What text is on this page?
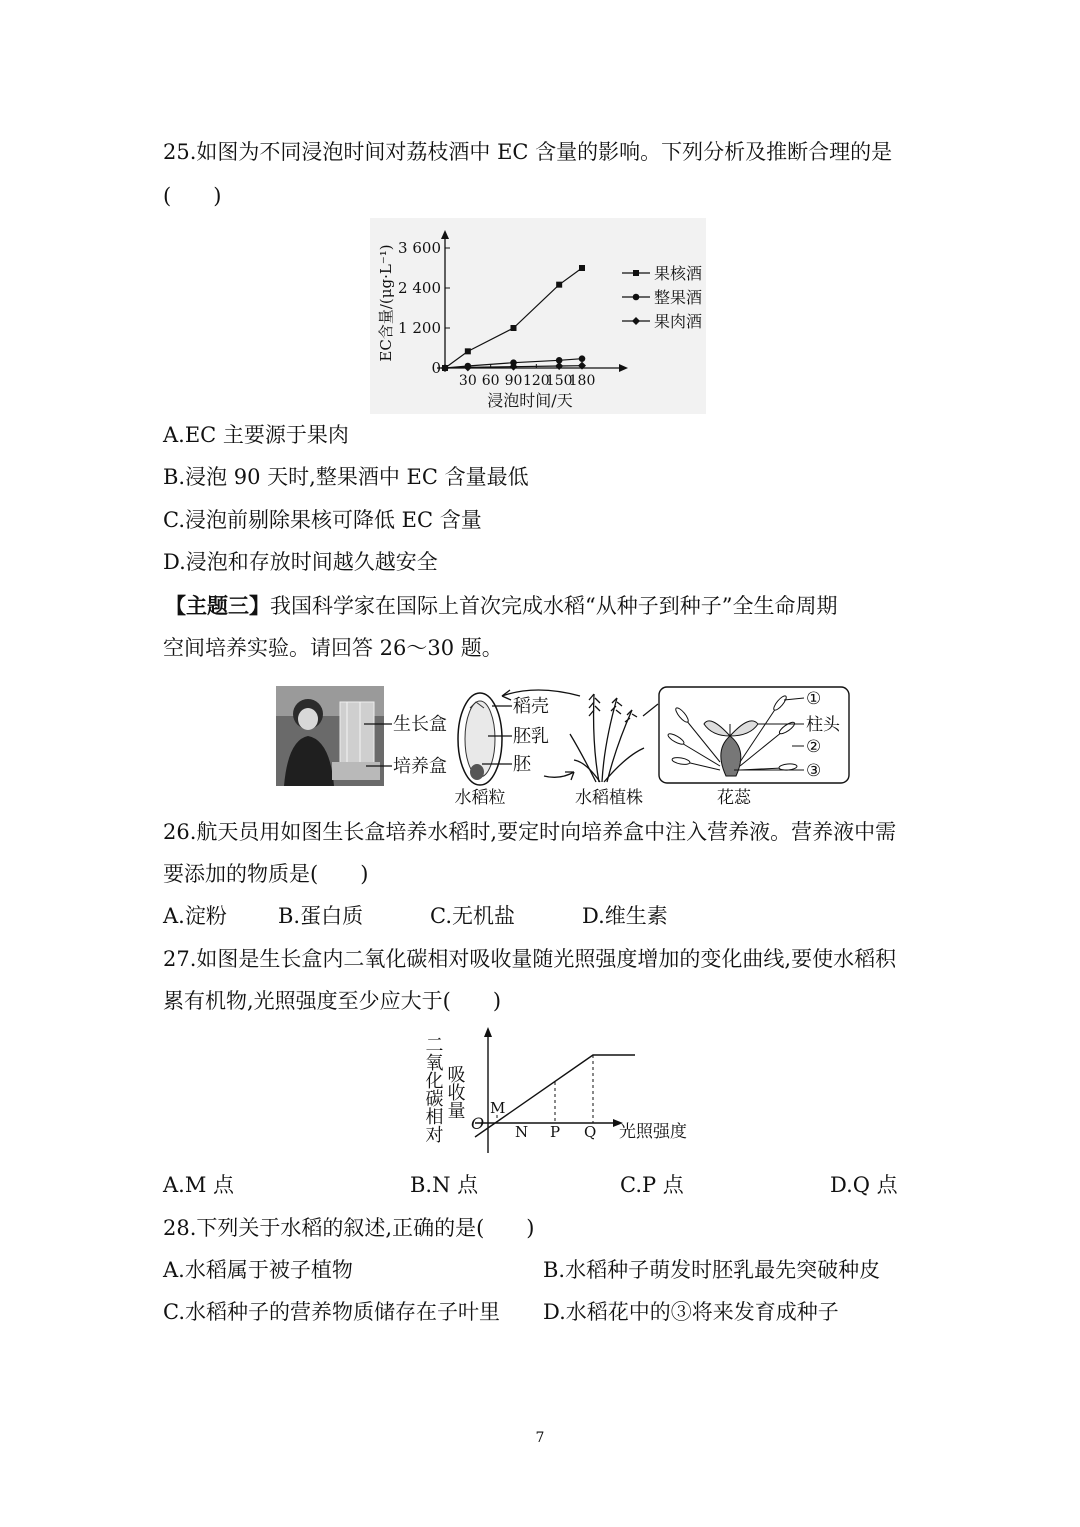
25.如图为不同浸泡时间对荔枝酒中 EC 含量的影响。下列分析及推断合理的是
(　　)
EC含量/(μg·L⁻¹)
0
1 200
2 400
3 600
30 60 90 120
150
180
浸泡时间/天
果核酒
整果酒
果肉酒
A.EC 主要源于果肉
B.浸泡 90 天时,整果酒中 EC 含量最低
C.浸泡前剔除果核可降低 EC 含量
D.浸泡和存放时间越久越安全
【主题三】我国科学家在国际上首次完成水稻“从种子到种子”全生命周期
空间培养实验。请回答 26～30 题。
生长盒
培养盒
稻壳
胚乳
胚
水稻粒	水稻植株
①
柱头
②
③
花蕊
26.航天员用如图生长盒培养水稻时,要定时向培养盒中注入营养液。营养液中需
要添加的物质是(　　)
A.淀粉 B.蛋白质	C.无机盐	D.维生素
27.如图是生长盒内二氧化碳相对吸收量随光照强度增加的变化曲线,要使水稻积
累有机物,光照强度至少应大于(　　)
二氧化碳相对 吸收量
O
M
N P Q 光照强度
A.M 点	B.N 点	C.P 点	D.Q 点
28.下列关于水稻的叙述,正确的是(　　)
A.水稻属于被子植物	B.水稻种子萌发时胚乳最先突破种皮
C.水稻种子的营养物质储存在子叶里 D.水稻花中的③将来发育成种子
7
